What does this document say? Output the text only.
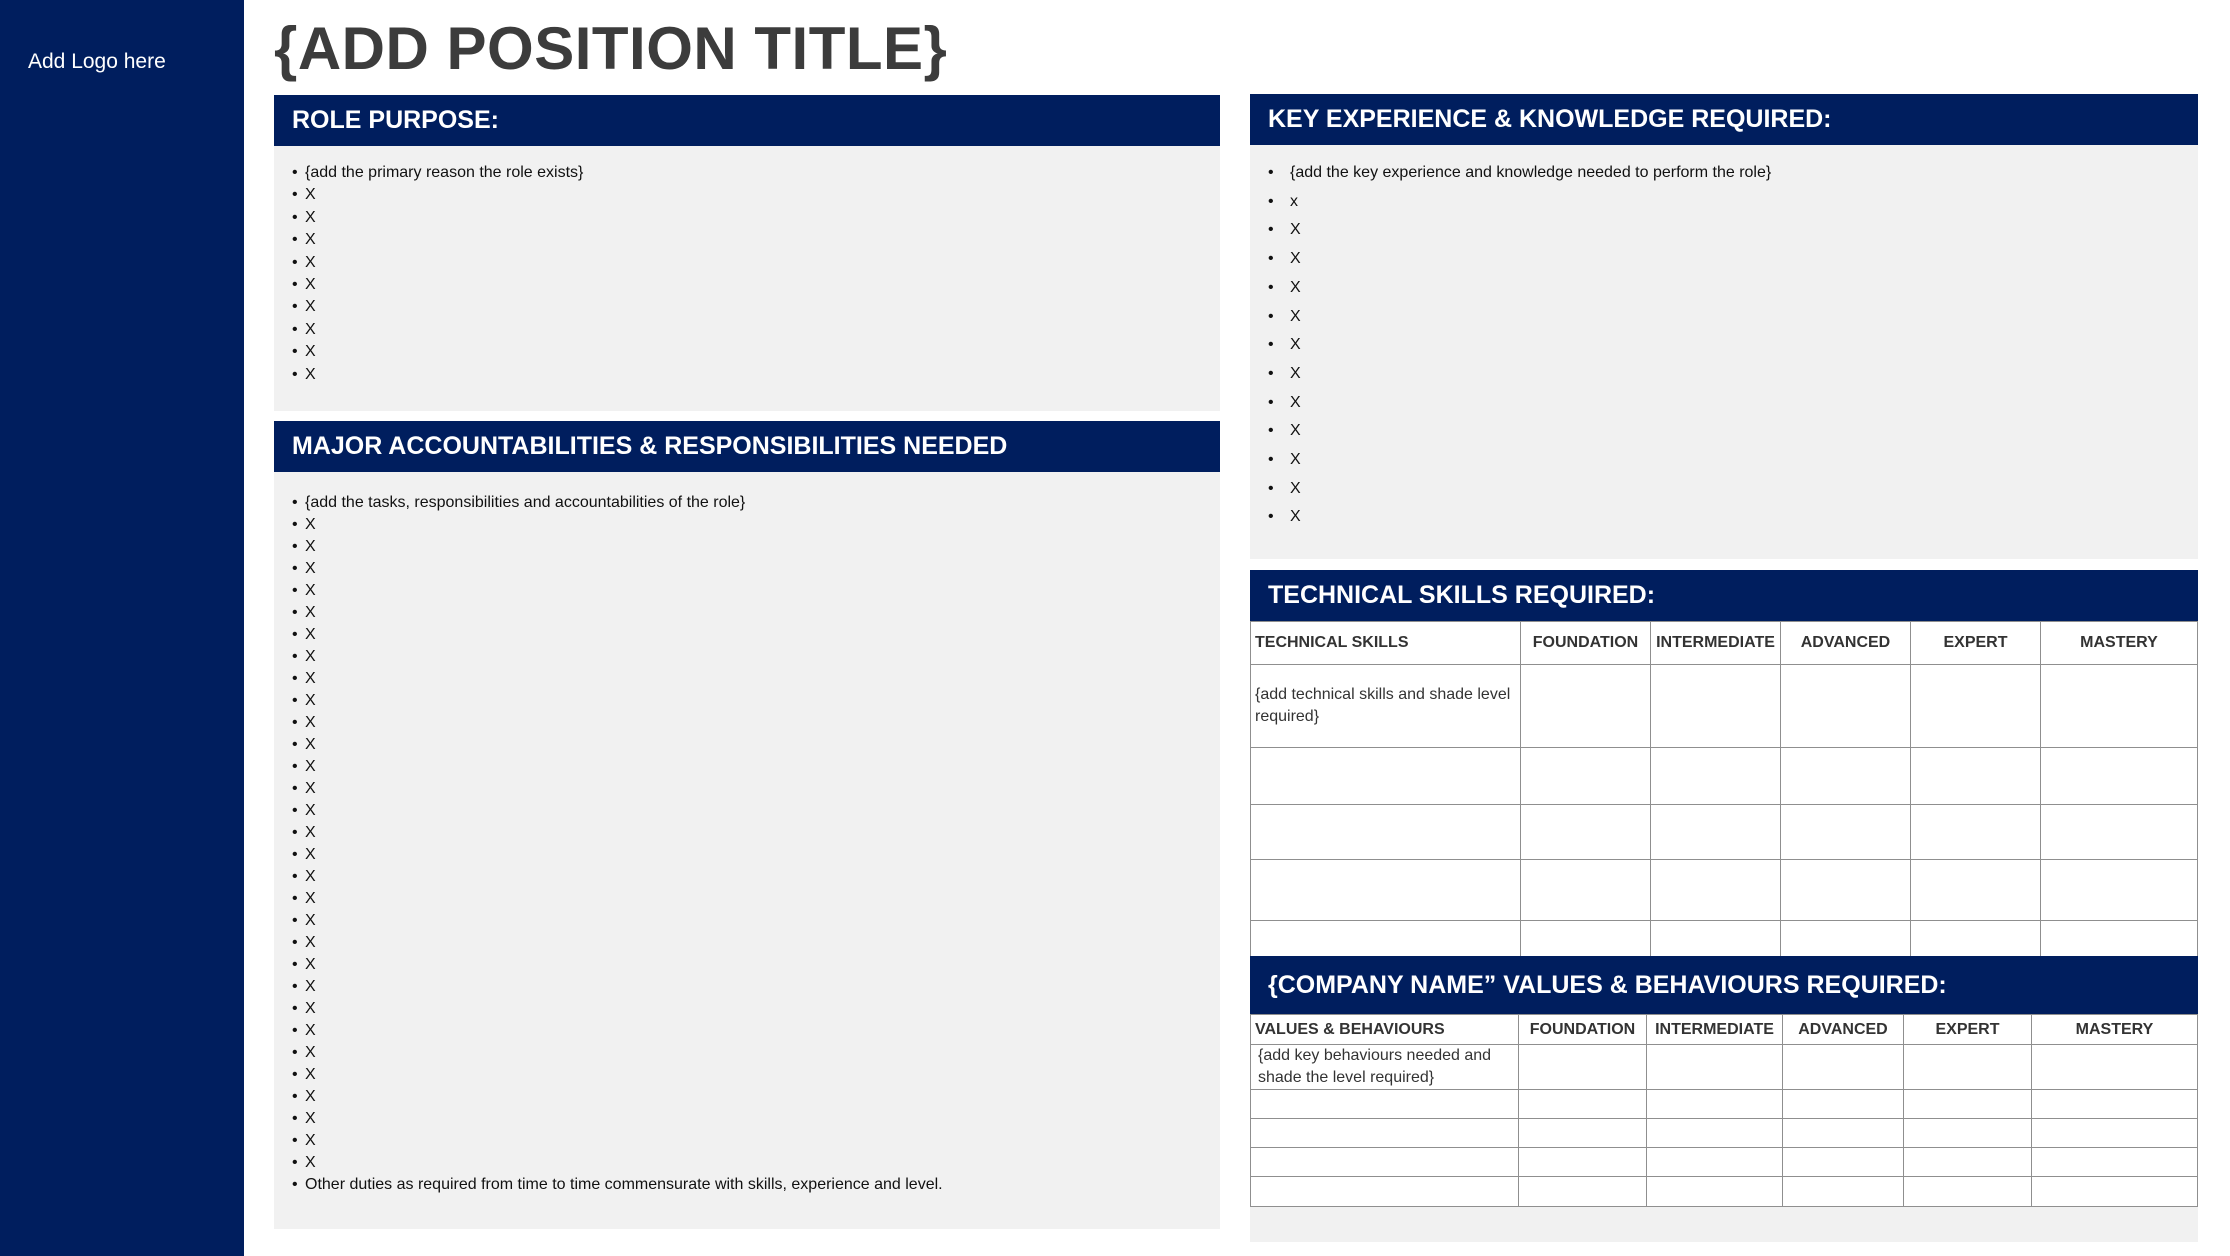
Add Logo here {ADD POSITION TITLE}
ROLE PURPOSE:
• {add the primary reason the role exists}
• X
• X
• X
• X
• X
• X
• X
• X
• X
MAJOR ACCOUNTABILITIES & RESPONSIBILITIES NEEDED
• {add the tasks, responsibilities and accountabilities of the role}
• X
• X
• X
• X
• X
• X
• X
• X
• X
• X
• X
• X
• X
• X
• X
• X
• X
• X
• X
• X
• X
• X
• X
• X
• X
• X
• X
• X
• X
• X
• Other duties as required from time to time commensurate with skills, experience and level.
KEY EXPERIENCE & KNOWLEDGE REQUIRED:
• {add the key experience and knowledge needed to perform the role}
• x
• X
• X
• X
• X
• X
• X
• X
• X
• X
• X
• X
TECHNICAL SKILLS REQUIRED:
TECHNICAL SKILLS	FOUNDATION	INTERMEDIATE	ADVANCED	EXPERT	MASTERY
{add technical skills and shade level required}					

{COMPANY NAME” VALUES & BEHAVIOURS REQUIRED:
VALUES & BEHAVIOURS	FOUNDATION	INTERMEDIATE	ADVANCED	EXPERT	MASTERY
{add key behaviours needed and shade the level required}					
